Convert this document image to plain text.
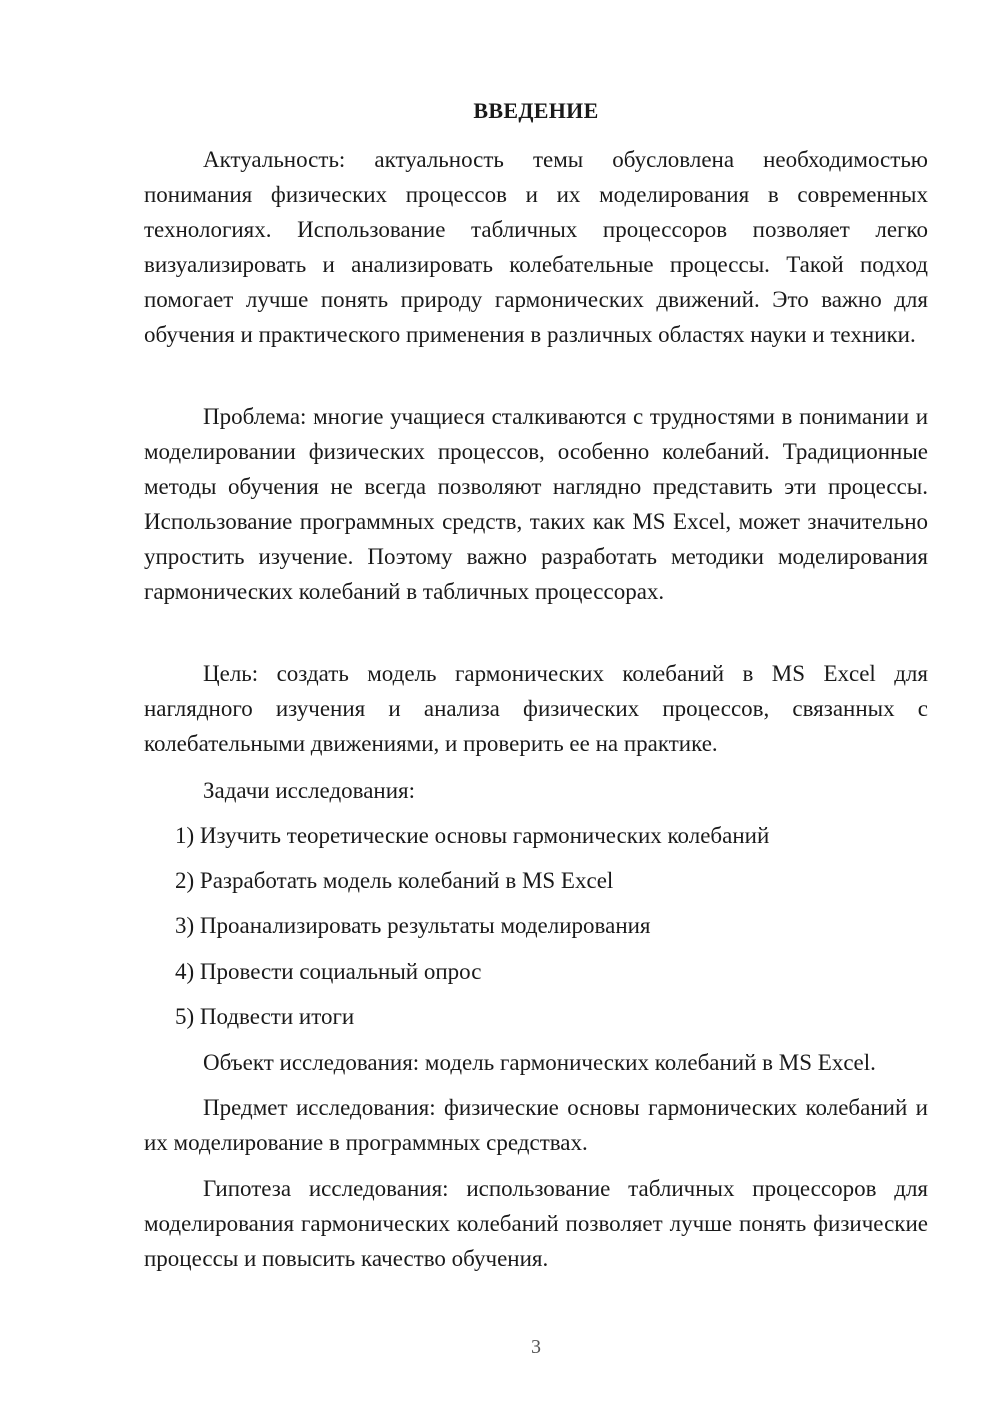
ВВЕДЕНИЕ

Актуальность: актуальность темы обусловлена необходимостью понимания физических процессов и их моделирования в современных технологиях. Использование табличных процессоров позволяет легко визуализировать и анализировать колебательные процессы. Такой подход помогает лучше понять природу гармонических движений. Это важно для обучения и практического применения в различных областях науки и техники.

Проблема: многие учащиеся сталкиваются с трудностями в понимании и моделировании физических процессов, особенно колебаний. Традиционные методы обучения не всегда позволяют наглядно представить эти процессы. Использование программных средств, таких как MS Excel, может значительно упростить изучение. Поэтому важно разработать методики моделирования гармонических колебаний в табличных процессорах.

Цель: создать модель гармонических колебаний в MS Excel для наглядного изучения и анализа физических процессов, связанных с колебательными движениями, и проверить ее на практике.

Задачи исследования:

1) Изучить теоретические основы гармонических колебаний

2) Разработать модель колебаний в MS Excel

3) Проанализировать результаты моделирования

4) Провести социальный опрос

5) Подвести итоги

Объект исследования: модель гармонических колебаний в MS Excel.

Предмет исследования: физические основы гармонических колебаний и их моделирование в программных средствах.

Гипотеза исследования: использование табличных процессоров для моделирования гармонических колебаний позволяет лучше понять физические процессы и повысить качество обучения.

3
